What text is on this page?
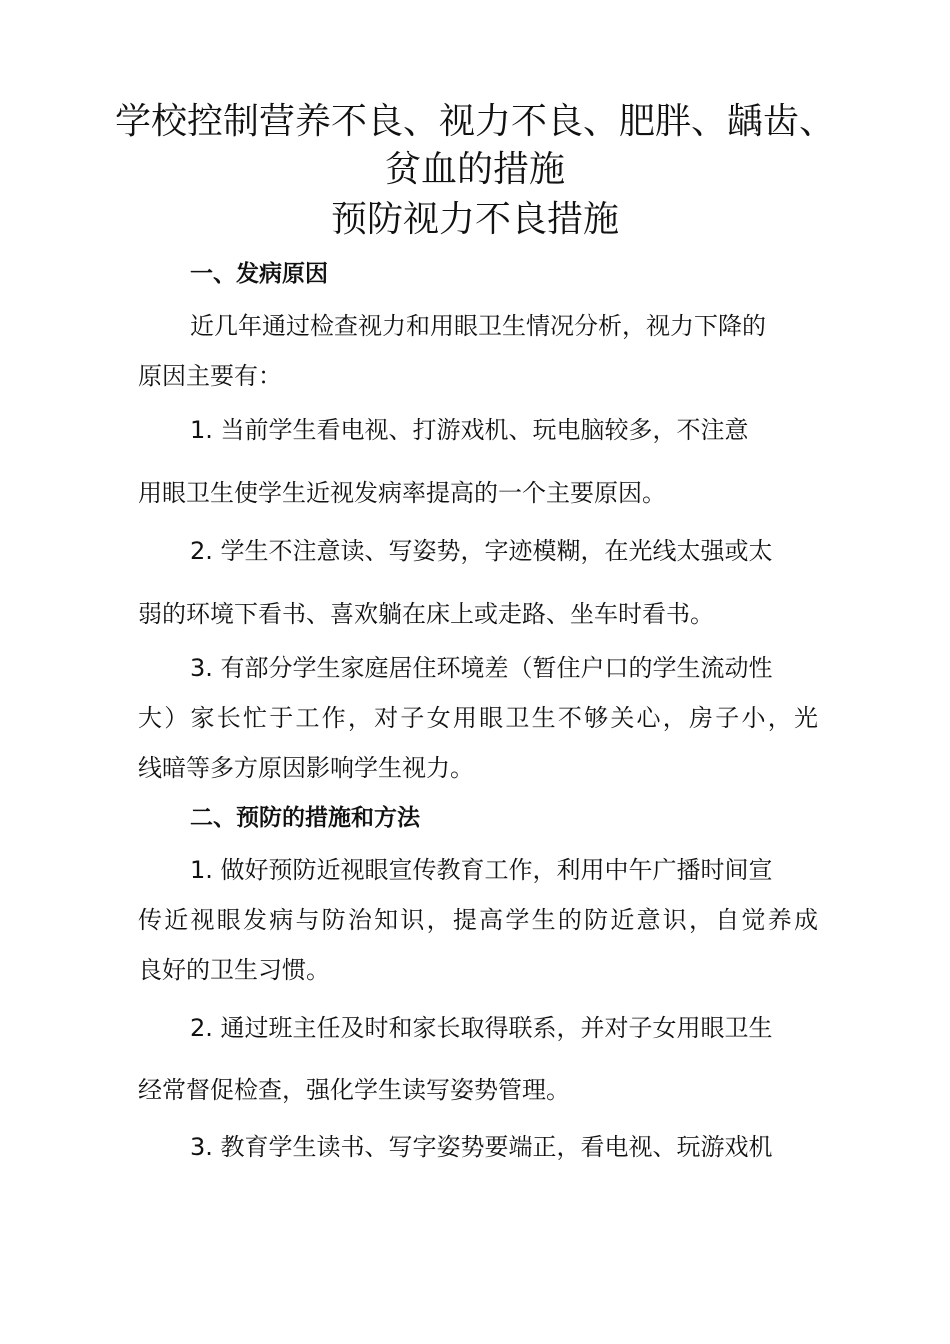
学校控制营养不良、视力不良、肥胖、龋齿、
贫血的措施
预防视力不良措施
一、发病原因
近几年通过检查视力和用眼卫生情况分析，视力下降的
原因主要有：
1. 当前学生看电视、打游戏机、玩电脑较多，不注意
用眼卫生使学生近视发病率提高的一个主要原因。
2. 学生不注意读、写姿势，字迹模糊，在光线太强或太
弱的环境下看书、喜欢躺在床上或走路、坐车时看书。
3. 有部分学生家庭居住环境差（暂住户口的学生流动性
大）家长忙于工作，对子女用眼卫生不够关心，房子小，光
线暗等多方原因影响学生视力。
二、预防的措施和方法
1. 做好预防近视眼宣传教育工作，利用中午广播时间宣
传近视眼发病与防治知识，提高学生的防近意识，自觉养成
良好的卫生习惯。
2. 通过班主任及时和家长取得联系，并对子女用眼卫生
经常督促检查，强化学生读写姿势管理。
3. 教育学生读书、写字姿势要端正，看电视、玩游戏机
